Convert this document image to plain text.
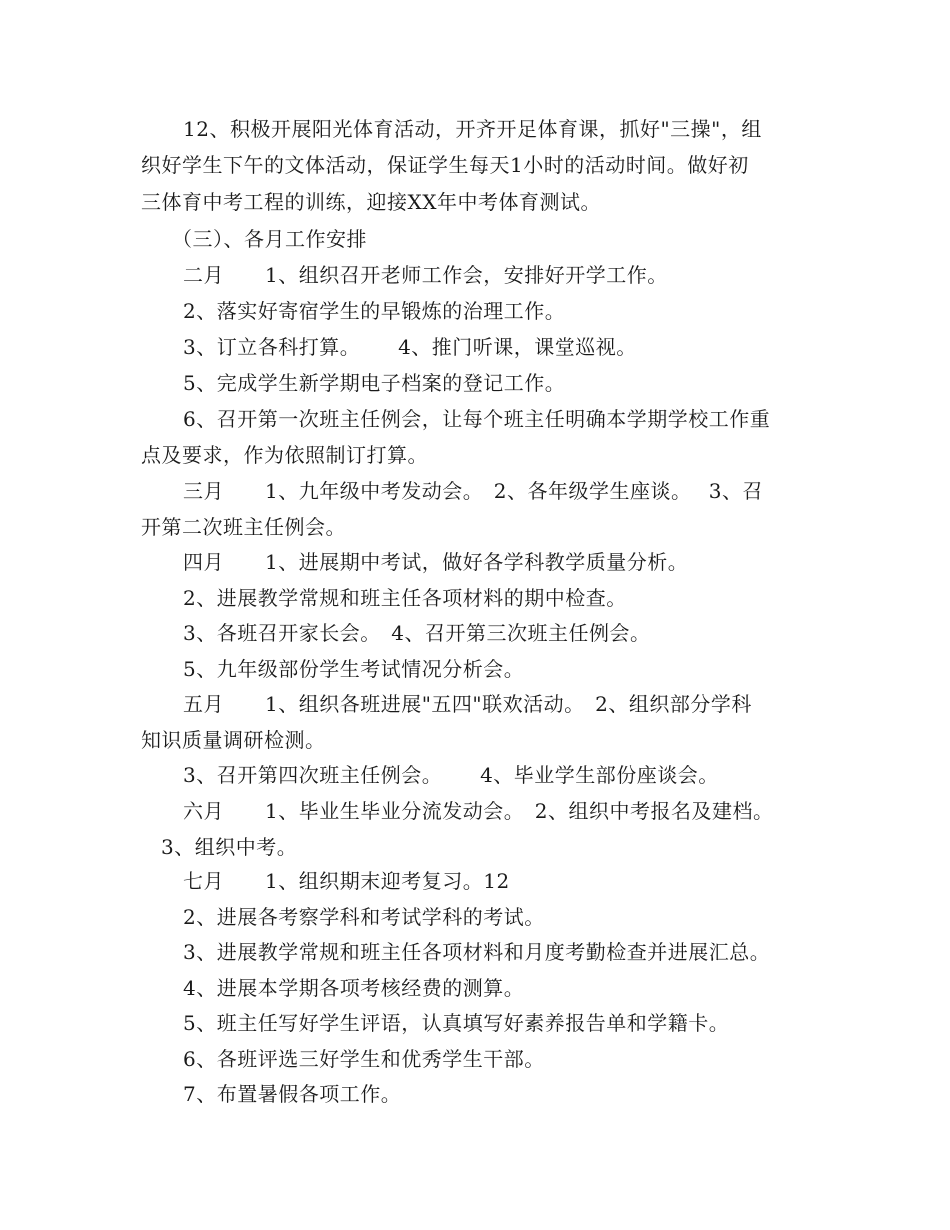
12、积极开展阳光体育活动，开齐开足体育课，抓好"三操"，组
织好学生下午的文体活动，保证学生每天1小时的活动时间。做好初
三体育中考工程的训练，迎接XX年中考体育测试。
（三）、各月工作安排
二月　　1、组织召开老师工作会，安排好开学工作。
2、落实好寄宿学生的早锻炼的治理工作。
3、订立各科打算。　　 4、推门听课，课堂巡视。
5、完成学生新学期电子档案的登记工作。
6、召开第一次班主任例会，让每个班主任明确本学期学校工作重
点及要求，作为依照制订打算。
三月　　1、九年级中考发动会。　2、各年级学生座谈。　 3、召
开第二次班主任例会。
四月　　1、进展期中考试，做好各学科教学质量分析。
2、进展教学常规和班主任各项材料的期中检查。
3、各班召开家长会。　4、召开第三次班主任例会。
5、九年级部份学生考试情况分析会。
五月　　1、组织各班进展"五四"联欢活动。　2、组织部分学科
知识质量调研检测。
3、召开第四次班主任例会。　　 4、毕业学生部份座谈会。
六月　　1、毕业生毕业分流发动会。　2、组织中考报名及建档。
3、组织中考。
七月　　1、组织期末迎考复习。12
2、进展各考察学科和考试学科的考试。
3、进展教学常规和班主任各项材料和月度考勤检查并进展汇总。
4、进展本学期各项考核经费的测算。
5、班主任写好学生评语，认真填写好素养报告单和学籍卡。
6、各班评选三好学生和优秀学生干部。
7、布置暑假各项工作。
